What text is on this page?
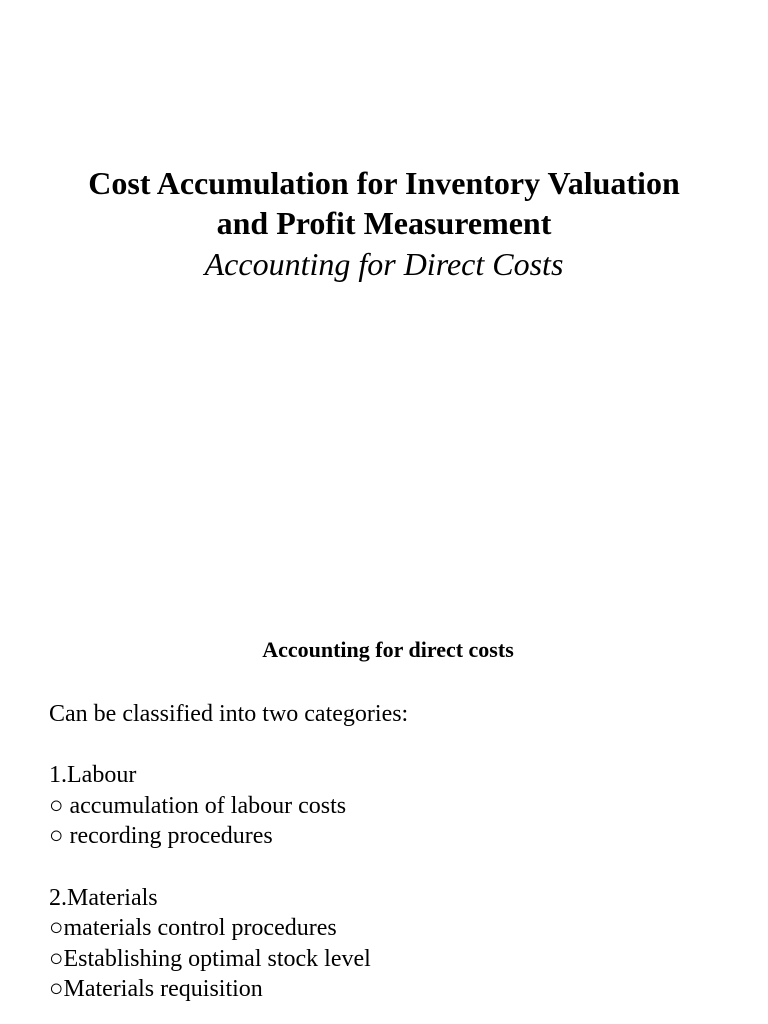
Cost Accumulation for Inventory Valuation

and Profit Measurement

Accounting for Direct Costs

Accounting for direct costs

Can be classified into two categories:
1.Labour
○ accumulation of labour costs
○ recording procedures
2.Materials
○materials control procedures
○Establishing optimal stock level
○Materials requisition
